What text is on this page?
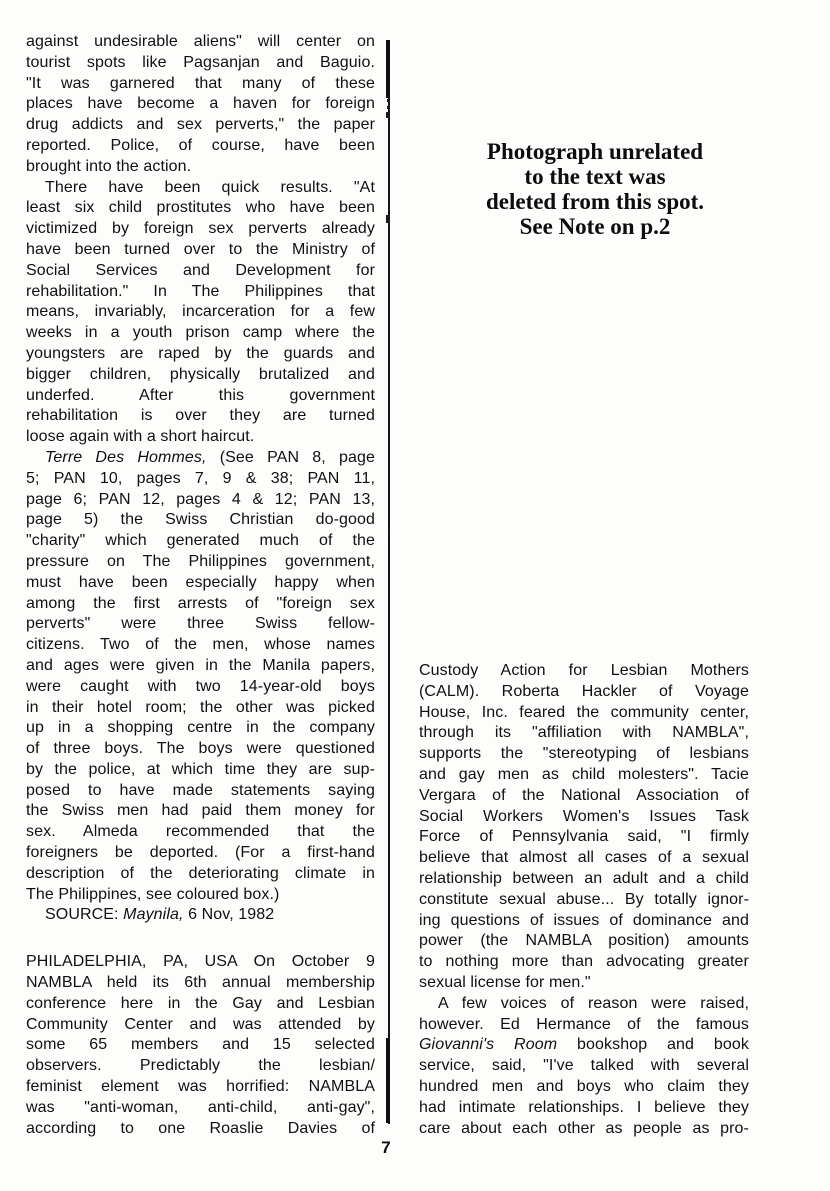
against undesirable aliens" will center on
tourist spots like Pagsanjan and Baguio.
"It was garnered that many of these
places have become a haven for foreign
drug addicts and sex perverts," the paper
reported. Police, of course, have been
brought into the action.
There have been quick results. "At
least six child prostitutes who have been
victimized by foreign sex perverts already
have been turned over to the Ministry of
Social Services and Development for
rehabilitation." In The Philippines that
means, invariably, incarceration for a few
weeks in a youth prison camp where the
youngsters are raped by the guards and
bigger children, physically brutalized and
underfed. After this government
rehabilitation is over they are turned
loose again with a short haircut.
Terre Des Hommes, (See PAN 8, page
5; PAN 10, pages 7, 9 & 38; PAN 11,
page 6; PAN 12, pages 4 & 12; PAN 13,
page 5) the Swiss Christian do-good
"charity" which generated much of the
pressure on The Philippines government,
must have been especially happy when
among the first arrests of "foreign sex
perverts" were three Swiss fellow-
citizens. Two of the men, whose names
and ages were given in the Manila papers,
were caught with two 14-year-old boys
in their hotel room; the other was picked
up in a shopping centre in the company
of three boys. The boys were questioned
by the police, at which time they are sup-
posed to have made statements saying
the Swiss men had paid them money for
sex. Almeda recommended that the
foreigners be deported. (For a first-hand
description of the deteriorating climate in
The Philippines, see coloured box.)
SOURCE: Maynila, 6 Nov, 1982
PHILADELPHIA, PA, USA On October 9
NAMBLA held its 6th annual membership
conference here in the Gay and Lesbian
Community Center and was attended by
some 65 members and 15 selected
observers. Predictably the lesbian/
feminist element was horrified: NAMBLA
was "anti-woman, anti-child, anti-gay",
according to one Roaslie Davies of
Photograph unrelated
to the text was
deleted from this spot.
See Note on p.2
Custody Action for Lesbian Mothers
(CALM). Roberta Hackler of Voyage
House, Inc. feared the community center,
through its "affiliation with NAMBLA",
supports the "stereotyping of lesbians
and gay men as child molesters". Tacie
Vergara of the National Association of
Social Workers Women's Issues Task
Force of Pennsylvania said, "I firmly
believe that almost all cases of a sexual
relationship between an adult and a child
constitute sexual abuse... By totally ignor-
ing questions of issues of dominance and
power (the NAMBLA position) amounts
to nothing more than advocating greater
sexual license for men."
A few voices of reason were raised,
however. Ed Hermance of the famous
Giovanni's Room bookshop and book
service, said, "I've talked with several
hundred men and boys who claim they
had intimate relationships. I believe they
care about each other as people as pro-
7
